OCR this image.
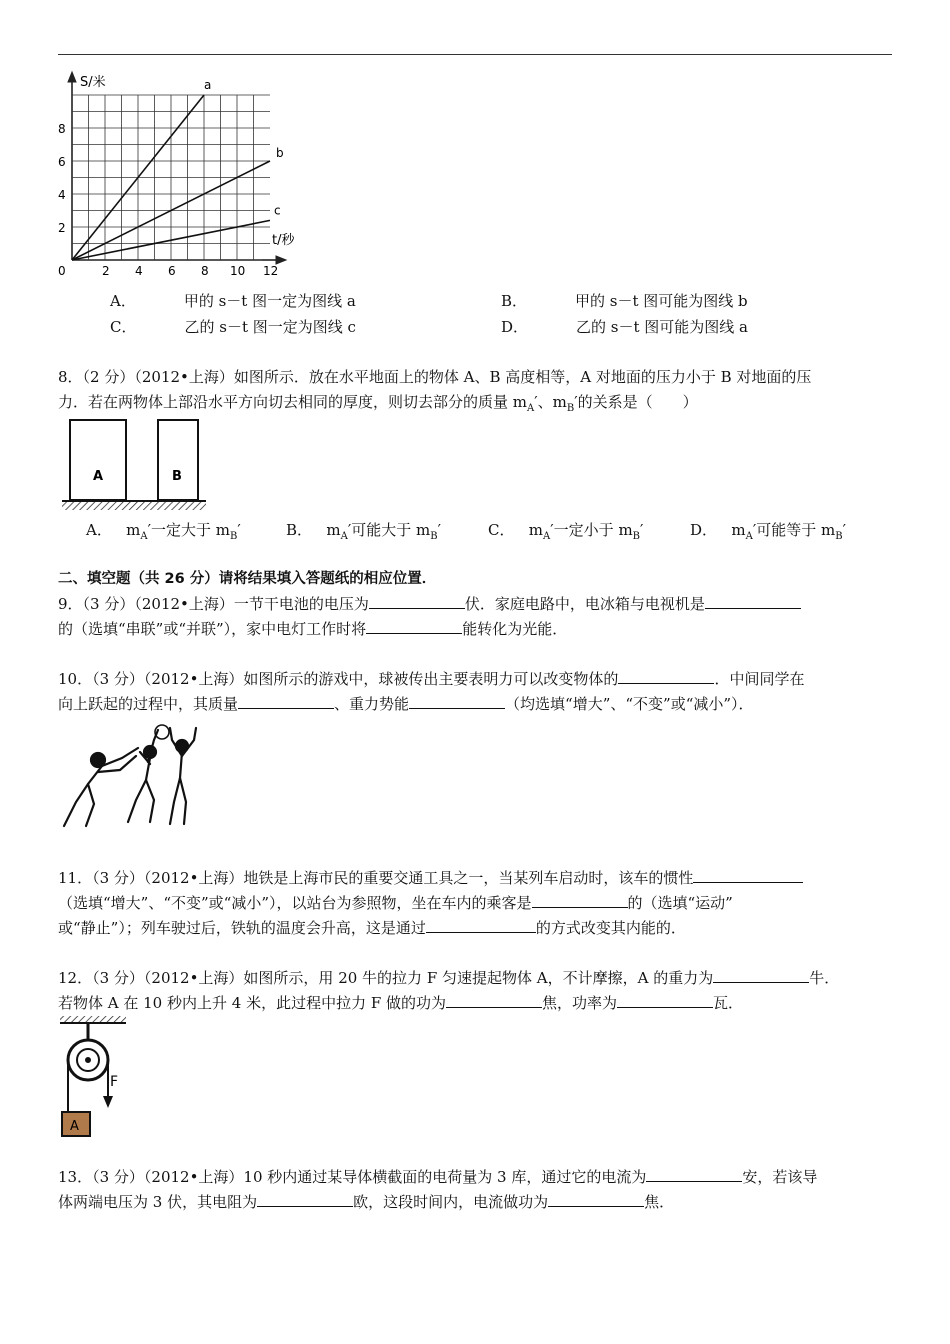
S/米
t/秒
0
2
4
6
8
2 4 6 8 10 12
a
b
c
A．	甲的 s－t 图一定为图线 a	B．	甲的 s－t 图可能为图线 b
C．	乙的 s－t 图一定为图线 c	D．	乙的 s－t 图可能为图线 a
8．（2 分）（2012•上海）如图所示．放在水平地面上的物体 A、B 高度相等，A 对地面的压力小于 B 对地面的压
力．若在两物体上部沿水平方向切去相同的厚度，则切去部分的质量 $m_A'$、$m_B'$的关系是（　　）
A	B
A． $m_A'$一定大于 $m_B'$	B． $m_A'$可能大于 $m_B'$	C． $m_A'$一定小于 $m_B'$	D． $m_A'$可能等于 $m_B'$
二、填空题（共 26 分）请将结果填入答题纸的相应位置．
9．（3 分）（2012•上海）一节干电池的电压为	伏．家庭电路中，电冰箱与电视机是
的（选填“串联”或“并联”），家中电灯工作时将	能转化为光能．
10．（3 分）（2012•上海）如图所示的游戏中，球被传出主要表明力可以改变物体的	．中间同学在
向上跃起的过程中，其质量	、重力势能	（均选填“增大”、“不变”或“减小”）．
11．（3 分）（2012•上海）地铁是上海市民的重要交通工具之一，当某列车启动时，该车的惯性
（选填“增大”、“不变”或“减小”），以站台为参照物，坐在车内的乘客是	的（选填“运动”
或“静止”）；列车驶过后，铁轨的温度会升高，这是通过	的方式改变其内能的．
12．（3 分）（2012•上海）如图所示，用 20 牛的拉力 F 匀速提起物体 A，不计摩擦，A 的重力为	牛．
若物体 A 在 10 秒内上升 4 米，此过程中拉力 F 做的功为	焦，功率为	瓦．
F
A
13．（3 分）（2012•上海）10 秒内通过某导体横截面的电荷量为 3 库，通过它的电流为	安，若该导
体两端电压为 3 伏，其电阻为	欧，这段时间内，电流做功为	焦．
